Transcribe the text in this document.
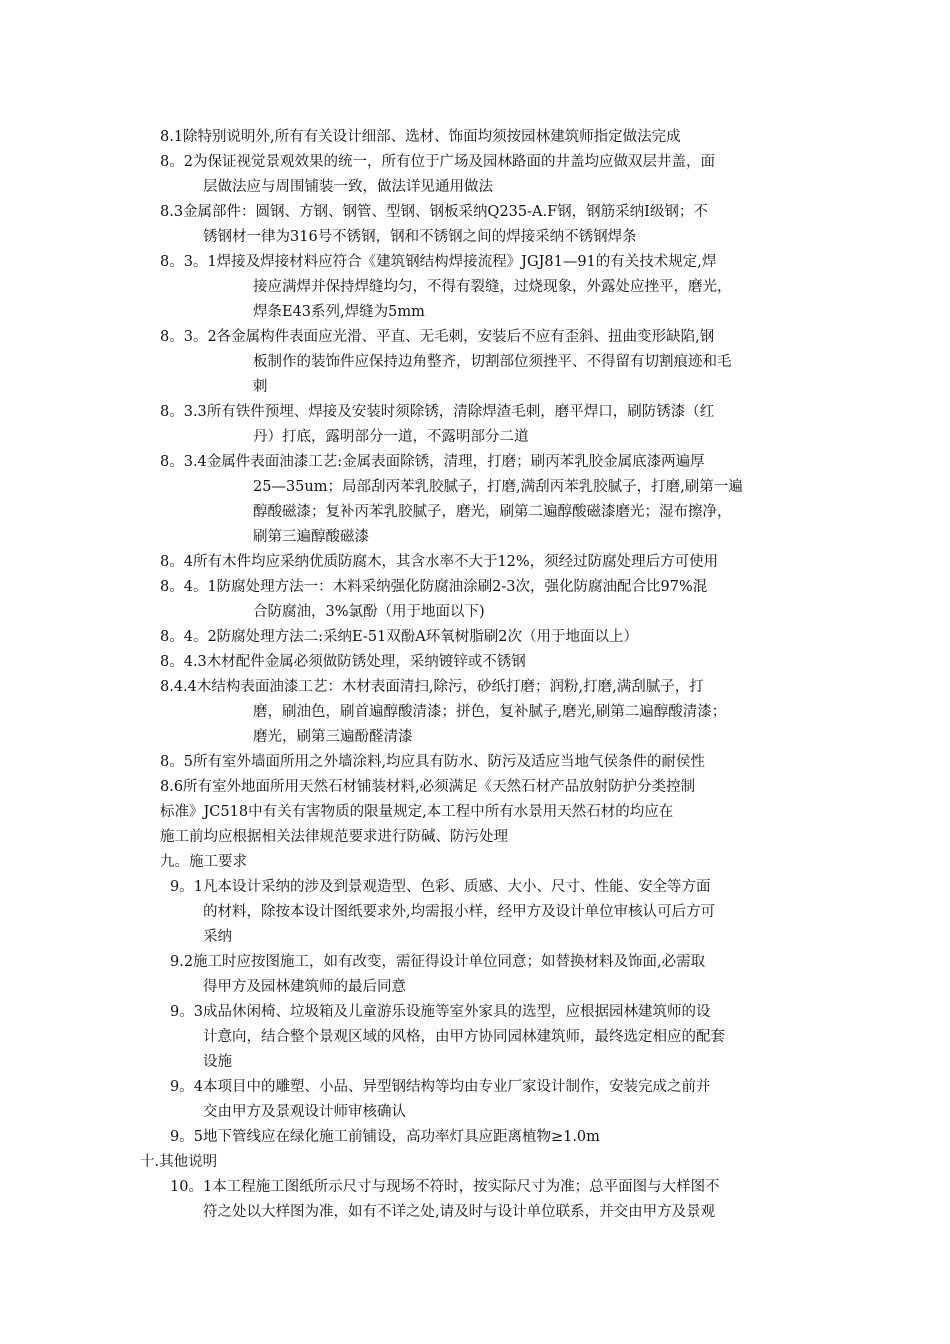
8.1除特别说明外,所有有关设计细部、选材、饰面均须按园林建筑师指定做法完成
8。2为保证视觉景观效果的统一，所有位于广场及园林路面的井盖均应做双层井盖，面
层做法应与周围铺装一致，做法详见通用做法
8.3金属部件：圆钢、方钢、钢管、型钢、钢板采纳Q235-A.F钢，钢筋采纳Ⅰ级钢；不
锈钢材一律为316号不锈钢，钢和不锈钢之间的焊接采纳不锈钢焊条
8。3。1焊接及焊接材料应符合《建筑钢结构焊接流程》JGJ81—91的有关技术规定,焊
接应满焊并保持焊缝均匀，不得有裂缝，过烧现象，外露处应挫平，磨光，
焊条E43系列,焊缝为5mm
8。3。2各金属构件表面应光滑、平直、无毛刺，安装后不应有歪斜、扭曲变形缺陷,钢
板制作的装饰件应保持边角整齐，切割部位须挫平、不得留有切割痕迹和毛
刺
8。3.3所有铁件预埋、焊接及安装时须除锈，清除焊渣毛刺，磨平焊口，刷防锈漆（红
丹）打底，露明部分一道，不露明部分二道
8。3.4金属件表面油漆工艺:金属表面除锈，清理，打磨；刷丙苯乳胶金属底漆两遍厚
25—35um；局部刮丙苯乳胶腻子，打磨,满刮丙苯乳胶腻子，打磨,刷第一遍
醇酸磁漆；复补丙苯乳胶腻子，磨光，刷第二遍醇酸磁漆磨光；湿布擦净，
刷第三遍醇酸磁漆
8。4所有木件均应采纳优质防腐木，其含水率不大于12%，须经过防腐处理后方可使用
8。4。1防腐处理方法一：木料采纳强化防腐油涂刷2-3次，强化防腐油配合比97%混
合防腐油，3%氯酚（用于地面以下)
8。4。2防腐处理方法二:采纳E-51双酚A环氧树脂刷2次（用于地面以上）
8。4.3木材配件金属必须做防锈处理，采纳镀锌或不锈钢
8.4.4木结构表面油漆工艺：木材表面清扫,除污，砂纸打磨；润粉,打磨,满刮腻子，打
磨，刷油色，刷首遍醇酸清漆；拼色，复补腻子,磨光,刷第二遍醇酸清漆；
磨光，刷第三遍酚醛清漆
8。5所有室外墙面所用之外墙涂料,均应具有防水、防污及适应当地气侯条件的耐侯性
8.6所有室外地面所用天然石材铺装材料,必须满足《天然石材产品放射防护分类控制
标准》JC518中有关有害物质的限量规定,本工程中所有水景用天然石材的均应在
施工前均应根据相关法律规范要求进行防碱、防污处理
九。施工要求
9。1凡本设计采纳的涉及到景观造型、色彩、质感、大小、尺寸、性能、安全等方面
的材料，除按本设计图纸要求外,均需报小样，经甲方及设计单位审核认可后方可
采纳
9.2施工时应按图施工，如有改变，需征得设计单位同意；如替换材料及饰面,必需取
得甲方及园林建筑师的最后同意
9。3成品休闲椅、垃圾箱及儿童游乐设施等室外家具的选型，应根据园林建筑师的设
计意向，结合整个景观区域的风格，由甲方协同园林建筑师，最终选定相应的配套
设施
9。4本项目中的雕塑、小品、异型钢结构等均由专业厂家设计制作，安装完成之前并
交由甲方及景观设计师审核确认
9。5地下管线应在绿化施工前铺设，高功率灯具应距离植物≥1.0m
十.其他说明
10。1本工程施工图纸所示尺寸与现场不符时，按实际尺寸为准；总平面图与大样图不
符之处以大样图为准，如有不详之处,请及时与设计单位联系，并交由甲方及景观
